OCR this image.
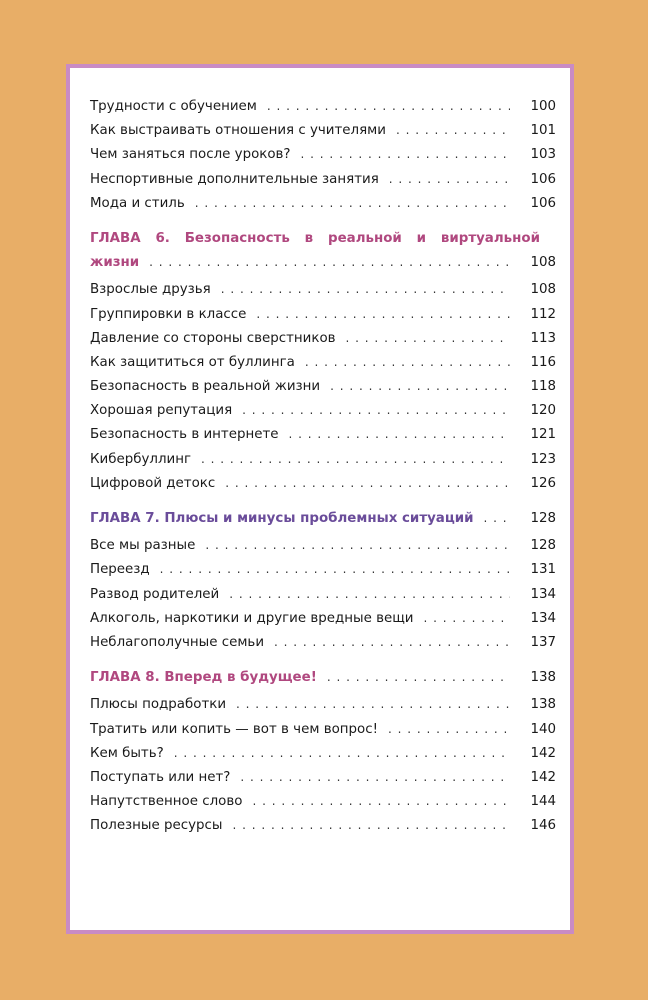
Трудности с обучением . . .	100
Как выстраивать отношения с учителями . . .	101
Чем заняться после уроков? . . .	103
Неспортивные дополнительные занятия . . .	106
Мода и стиль . . .	106
ГЛАВА 6. Безопасность в реальной и виртуальной
жизни . . .	108
Взрослые друзья . . .	108
Группировки в классе . . .	112
Давление со стороны сверстников . . .	113
Как защититься от буллинга . . .	116
Безопасность в реальной жизни . . .	118
Хорошая репутация . . .	120
Безопасность в интернете . . .	121
Кибербуллинг . . .	123
Цифровой детокс . . .	126
ГЛАВА 7. Плюсы и минусы проблемных ситуаций . . .	128
Все мы разные . . .	128
Переезд . . .	131
Развод родителей . . .	134
Алкоголь, наркотики и другие вредные вещи . . .	134
Неблагополучные семьи . . .	137
ГЛАВА 8. Вперед в будущее! . . .	138
Плюсы подработки . . .	138
Тратить или копить — вот в чем вопрос! . . .	140
Кем быть? . . .	142
Поступать или нет? . . .	142
Напутственное слово . . .	144
Полезные ресурсы . . .	146
